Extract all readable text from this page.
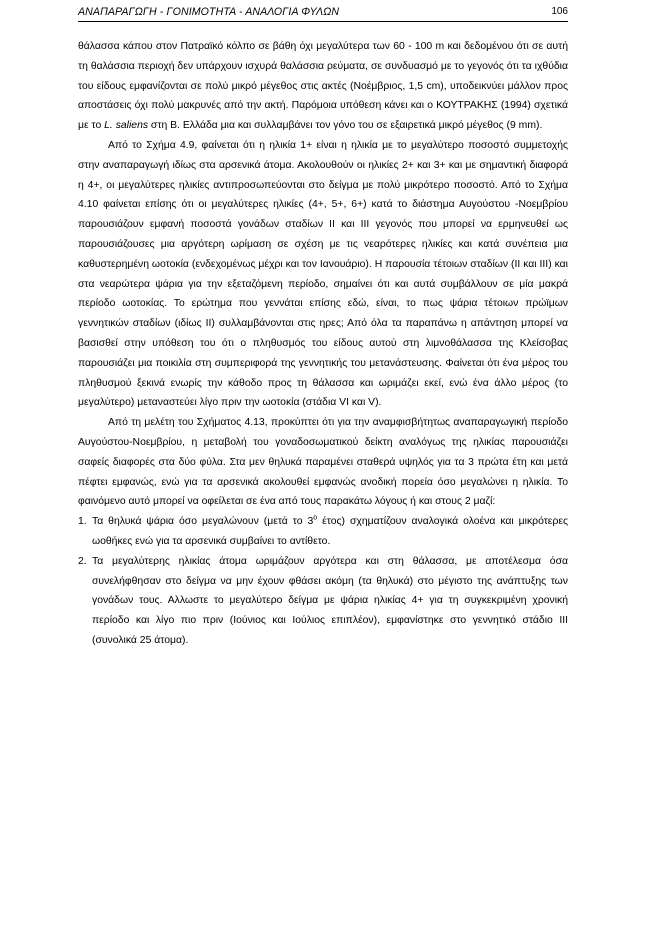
ΑΝΑΠΑΡΑΓΩΓΗ - ΓΟΝΙΜΟΤΗΤΑ - ΑΝΑΛΟΓΙΑ ΦΥΛΩΝ	106

θάλασσα κάπου στον Πατραϊκό κόλπο σε βάθη όχι μεγαλύτερα των 60 - 100 m και δεδομένου ότι σε αυτή τη θαλάσσια περιοχή δεν υπάρχουν ισχυρά θαλάσσια ρεύματα, σε συνδυασμό με το γεγονός ότι τα ιχθύδια του είδους εμφανίζονται σε πολύ μικρό μέγεθος στις ακτές (Νοέμβριος, 1,5 cm), υποδεικνύει μάλλον προς αποστάσεις όχι πολύ μακρυνές από την ακτή. Παρόμοια υπόθεση κάνει και ο ΚΟΥΤΡΑΚΗΣ (1994) σχετικά με το L. saliens στη Β. Ελλάδα μια και συλλαμβάνει τον γόνο του σε εξαιρετικά μικρό μέγεθος (9 mm).

Από το Σχήμα 4.9, φαίνεται ότι η ηλικία 1+ είναι η ηλικία με το μεγαλύτερο ποσοστό συμμετοχής στην αναπαραγωγή ιδίως στα αρσενικά άτομα. Ακολουθούν οι ηλικίες 2+ και 3+ και με σημαντική διαφορά η 4+, οι μεγαλύτερες ηλικίες αντιπροσωπεύονται στο δείγμα με πολύ μικρότερο ποσοστό. Από το Σχήμα 4.10 φαίνεται επίσης ότι οι μεγαλύτερες ηλικίες (4+, 5+, 6+) κατά το διάστημα Αυγούστου -Νοεμβρίου παρουσιάζουν εμφανή ποσοστά γονάδων σταδίων II και III γεγονός που μπορεί να ερμηνευθεί ως παρουσιάζουσες μια αργότερη ωρίμαση σε σχέση με τις νεαρότερες ηλικίες και κατά συνέπεια μια καθυστερημένη ωοτοκία (ενδεχομένως μέχρι και τον Ιανουάριο). Η παρουσία τέτοιων σταδίων (II και III) και στα νεαρώτερα ψάρια για την εξεταζόμενη περίοδο, σημαίνει ότι και αυτά συμβάλλουν σε μία μακρά περίοδο ωοτοκίας. Το ερώτημα που γεννάται επίσης εδώ, είναι, το πως ψάρια τέτοιων πρώϊμων γεννητικών σταδίων (ιδίως II) συλλαμβάνονται στις ηρες; Από όλα τα παραπάνω η απάντηση μπορεί να βασισθεί στην υπόθεση του ότι ο πληθυσμός του είδους αυτού στη λιμνοθάλασσα της Κλείσοβας παρουσιάζει μια ποικιλία στη συμπεριφορά της γεννητικής του μετανάστευσης. Φαίνεται ότι ένα μέρος του πληθυσμού ξεκινά ενωρίς την κάθοδο προς τη θάλασσα και ωριμάζει εκεί, ενώ ένα άλλο μέρος (το μεγαλύτερο) μεταναστεύει λίγο πριν την ωοτοκία (στάδια VI και V).

Από τη μελέτη του Σχήματος 4.13, προκύπτει ότι για την αναμφισβήτητως αναπαραγωγική περίοδο Αυγούστου-Νοεμβρίου, η μεταβολή του γοναδοσωματικού δείκτη αναλόγως της ηλικίας παρουσιάζει σαφείς διαφορές στα δύο φύλα. Στα μεν θηλυκά παραμένει σταθερά υψηλός για τα 3 πρώτα έτη και μετά πέφτει εμφανώς, ενώ για τα αρσενικά ακολουθεί εμφανώς ανοδική πορεία όσο μεγαλώνει η ηλικία. Το φαινόμενο αυτό μπορεί να οφείλεται σε ένα από τους παρακάτω λόγους ή και στους 2 μαζί:

1. Τα θηλυκά ψάρια όσο μεγαλώνουν (μετά το $3^o$ έτος) σχηματίζουν αναλογικά ολοένα και μικρότερες ωοθήκες ενώ για τα αρσενικά συμβαίνει το αντίθετο.
2. Τα μεγαλύτερης ηλικίας άτομα ωριμάζουν αργότερα και στη θάλασσα, με αποτέλεσμα όσα συνελήφθησαν στο δείγμα να μην έχουν φθάσει ακόμη (τα θηλυκά) στο μέγιστο της ανάπτυξης των γονάδων τους. Αλλωστε το μεγαλύτερο δείγμα με ψάρια ηλικίας 4+ για τη συγκεκριμένη χρονική περίοδο και λίγο πιο πριν (Ιούνιος και Ιούλιος επιπλέον), εμφανίστηκε στο γεννητικό στάδιο III (συνολικά 25 άτομα).
